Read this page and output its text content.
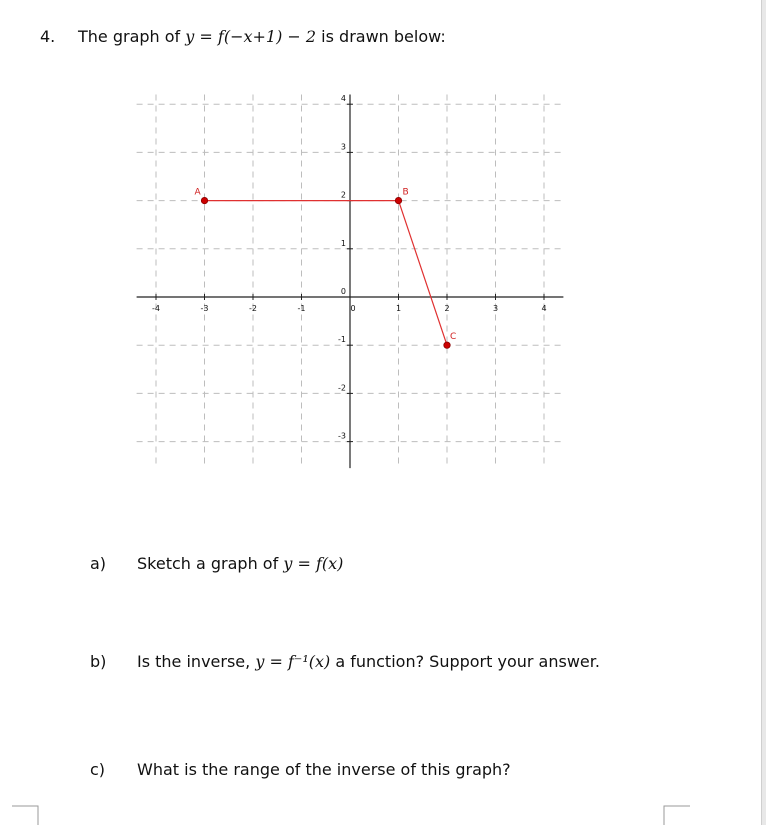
4. The graph of y = f(−x+1) − 2 is drawn below:
-4	-3	-2	-1	0	1	2	3	4
-3
-2
-1
0
1
2
3
4
A	B
C
a) Sketch a graph of y = f(x)
b) Is the inverse, y = f⁻¹(x) a function? Support your answer.
c) What is the range of the inverse of this graph?
